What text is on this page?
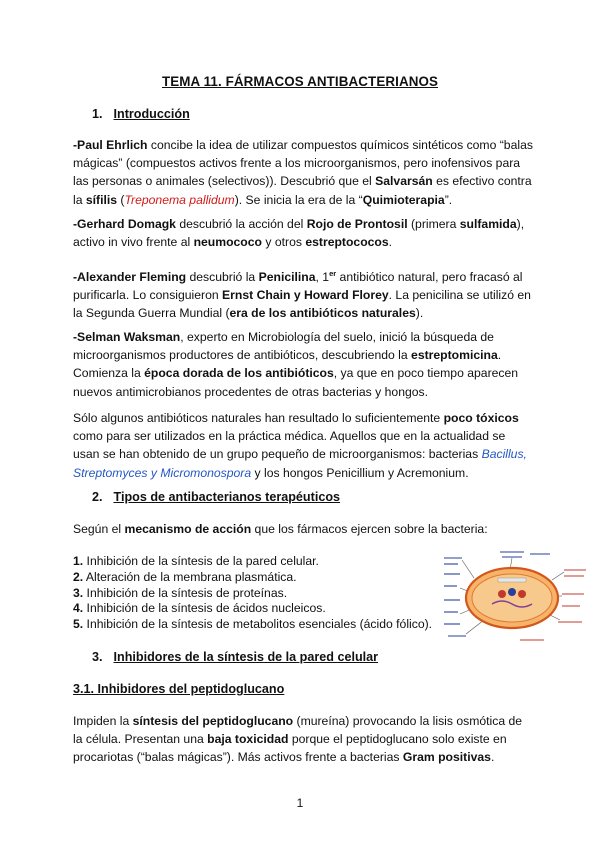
TEMA 11. FÁRMACOS ANTIBACTERIANOS
1. Introducción

-Paul Ehrlich concibe la idea de utilizar compuestos químicos sintéticos como “balas mágicas” (compuestos activos frente a los microorganismos, pero inofensivos para las personas o animales (selectivos)). Descubrió que el Salvarsán es efectivo contra la sífilis (Treponema pallidum). Se inicia la era de la “Quimioterapia”.

-Gerhard Domagk descubrió la acción del Rojo de Prontosil (primera sulfamida), activo in vivo frente al neumococo y otros estreptococos.

-Alexander Fleming descubrió la Penicilina, 1er antibiótico natural, pero fracasó al purificarla. Lo consiguieron Ernst Chain y Howard Florey. La penicilina se utilizó en la Segunda Guerra Mundial (era de los antibióticos naturales).

-Selman Waksman, experto en Microbiología del suelo, inició la búsqueda de microorganismos productores de antibióticos, descubriendo la estreptomicina. Comienza la época dorada de los antibióticos, ya que en poco tiempo aparecen nuevos antimicrobianos procedentes de otras bacterias y hongos.

Sólo algunos antibióticos naturales han resultado lo suficientemente poco tóxicos como para ser utilizados en la práctica médica. Aquellos que en la actualidad se usan se han obtenido de un grupo pequeño de microorganismos: bacterias Bacillus, Streptomyces y Micromonospora y los hongos Penicillium y Acremonium.

2. Tipos de antibacterianos terapéuticos

Según el mecanismo de acción que los fármacos ejercen sobre la bacteria:

1. Inhibición de la síntesis de la pared celular.
2. Alteración de la membrana plasmática.
3. Inhibición de la síntesis de proteínas.
4. Inhibición de la síntesis de ácidos nucleicos.
5. Inhibición de la síntesis de metabolitos esenciales (ácido fólico).
3. Inhibidores de la síntesis de la pared celular
3.1. Inhibidores del peptidoglucano

Impiden la síntesis del peptidoglucano (mureína) provocando la lisis osmótica de la célula. Presentan una baja toxicidad porque el peptidoglucano solo existe en procariotas (“balas mágicas”). Más activos frente a bacterias Gram positivas.

1
